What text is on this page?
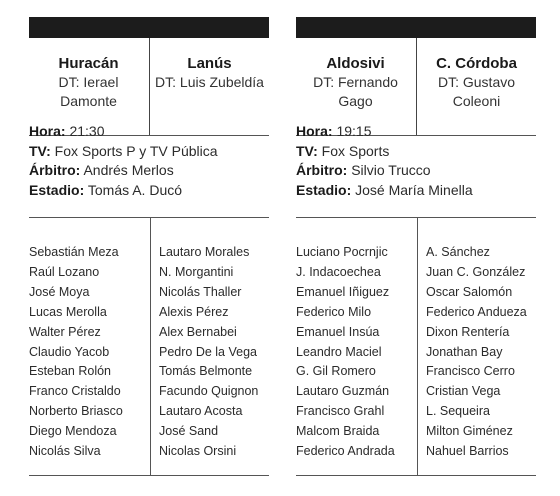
Huracán
DT: Ierael Damonte
Lanús
DT: Luis Zubeldía
Hora: 21:30
TV: Fox Sports P y TV Pública
Árbitro: Andrés Merlos
Estadio: Tomás A. Ducó
Sebastián Meza
Raúl Lozano
José Moya
Lucas Merolla
Walter Pérez
Claudio Yacob
Esteban Rolón
Franco Cristaldo
Norberto Briasco
Diego Mendoza
Nicolás Silva
Lautaro Morales
N. Morgantini
Nicolás Thaller
Alexis Pérez
Alex Bernabei
Pedro De la Vega
Tomás Belmonte
Facundo Quignon
Lautaro Acosta
José Sand
Nicolas Orsini
Aldosivi
DT: Fernando Gago
C. Córdoba
DT: Gustavo Coleoni
Hora: 19:15
TV: Fox Sports
Árbitro: Silvio Trucco
Estadio: José María Minella
Luciano Pocrnjic
J. Indacoechea
Emanuel Iñiguez
Federico Milo
Emanuel Insúa
Leandro Maciel
G. Gil Romero
Lautaro Guzmán
Francisco Grahl
Malcom Braida
Federico Andrada
A. Sánchez
Juan C. González
Oscar Salomón
Federico Andueza
Dixon Rentería
Jonathan Bay
Francisco Cerro
Cristian Vega
L. Sequeira
Milton Giménez
Nahuel Barrios
